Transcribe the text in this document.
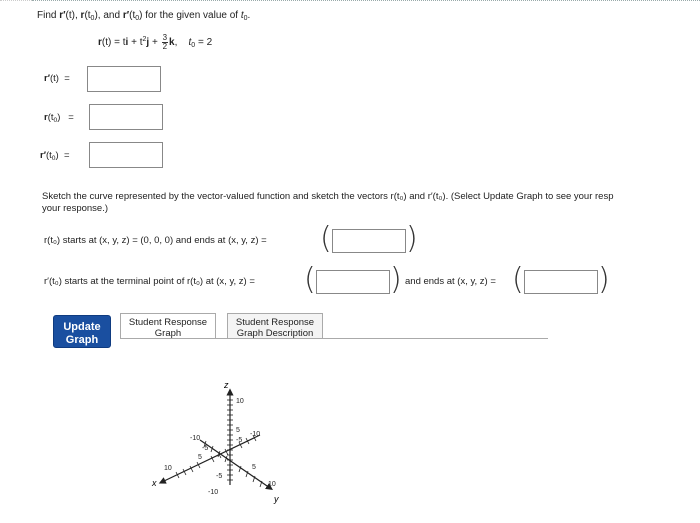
Find r′(t), $r(t_0)$, and $r'(t_0)$ for the given value of $t_0$.
r(t) = ti + $t^2j + \frac{3}{2} k$,    $t_0 = 2$
r′(t)  =
$r(t_0)$   =
$r'(t_0)$  =
Sketch the curve represented by the vector-valued function and sketch the vectors r(t₀) and r′(t₀). (Select Update Graph to see your resp
your response.)
r(t₀) starts at (x, y, z) = (0, 0, 0) and ends at (x, y, z) = ( )
r′(t₀) starts at the terminal point of r(t₀) at (x, y, z) = ( ) and ends at (x, y, z) = ( )
Update
Graph
Student Response
Graph
Student Response
Graph Description
z
y
x
10
5
-5
-10
10
5
-5
-10
10
5
-5
-10
